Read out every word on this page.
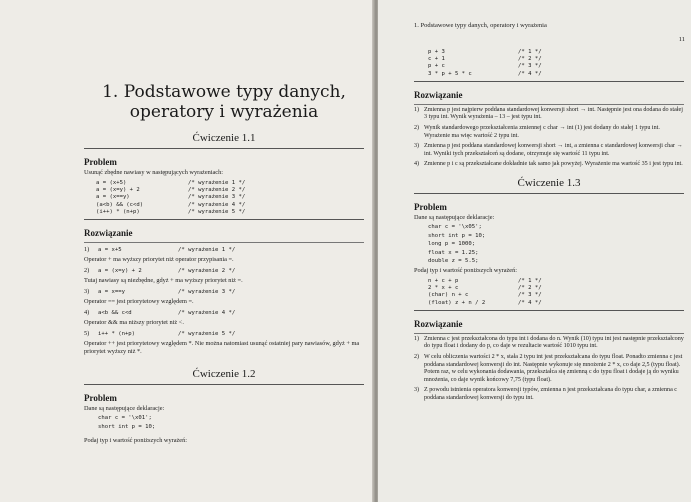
1. Podstawowe typy danych, operatory i wyrażenia
Ćwiczenie 1.1
Problem
Usunąć zbędne nawiasy w następujących wyrażeniach:
a = (x+5)	/* wyrażenie 1 */
a = (x=y) + 2	/* wyrażenie 2 */
a = (x==y)	/* wyrażenie 3 */
(a<b) && (c<d)	/* wyrażenie 4 */
(i++) * (n+p)	/* wyrażenie 5 */
Rozwiązanie
1)	a = x+5	/* wyrażenie 1 */
Operator + ma wyższy priorytet niż operator przypisania =.
2)	a = (x=y) + 2	/* wyrażenie 2 */
Tutaj nawiasy są niezbędne, gdyż + ma wyższy priorytet niż =.
3)	a = x==y	/* wyrażenie 3 */
Operator == jest priorytetowy względem =.
4)	a<b && c<d	/* wyrażenie 4 */
Operator && ma niższy priorytet niż <.
5)	i++ * (n+p)	/* wyrażenie 5 */
Operator ++ jest priorytetowy względem *. Nie można natomiast usunąć ostatniej pary nawiasów, gdyż + ma priorytet wyższy niż *.
Ćwiczenie 1.2
Problem
Dane są następujące deklaracje:
char c = '\x01';
short int p = 10;
Podaj typ i wartość poniższych wyrażeń:
1. Podstawowe typy danych, operatory i wyrażenia
11
p + 3	/* 1 */
c + 1	/* 2 */
p + c	/* 3 */
3 * p + 5 * c	/* 4 */
Rozwiązanie
1) Zmienna p jest najpierw poddana standardowej konwersji short → int. Następnie jest ona dodana do stałej 3 typu int. Wynik wyrażenia – 13 – jest typu int.
2) Wynik standardowego przekształcenia zmiennej c char → int (1) jest dodany do stałej 1 typu int. Wyrażenie ma więc wartość 2 typu int.
3) Zmienna p jest poddana standardowej konwersji short → int, a zmienna c standardowej konwersji char → int. Wyniki tych przekształceń są dodane, otrzymuje się wartość 11 typu int.
4) Zmienne p i c są przekształcane dokładnie tak samo jak powyżej. Wyrażenie ma wartość 35 i jest typu int.
Ćwiczenie 1.3
Problem
Dane są następujące deklaracje:
char c = '\x05';
short int p = 10;
long p = 1000;
float x = 1.25;
double z = 5.5;
Podaj typ i wartość poniższych wyrażeń:
n + c + p	/* 1 */
2 * x + c	/* 2 */
(char) n + c	/* 3 */
(float) z + n / 2	/* 4 */
Rozwiązanie
1) Zmienna c jest przekształcona do typu int i dodana do n. Wynik (10) typu int jest następnie przekształcony do typu float i dodany do p, co daje w rezultacie wartość 1010 typu int.
2) W celu obliczenia wartości 2 * x, stała 2 typu int jest przekształcana do typu float. Ponadto zmienna c jest poddana standardowej konwersji do int. Następnie wykonuje się mnożenie 2 * x, co daje 2,5 (typu float). Potem raz, w celu wykonania dodawania, przekształca się zmienną c do typu float i dodaje ją do wyniku mnożenia, co daje wynik końcowy 7,75 (typu float).
3) Z powodu istnienia operatora konwersji typów, zmienna n jest przekształcana do typu char, a zmienna c poddana standardowej konwersji do typu int.
